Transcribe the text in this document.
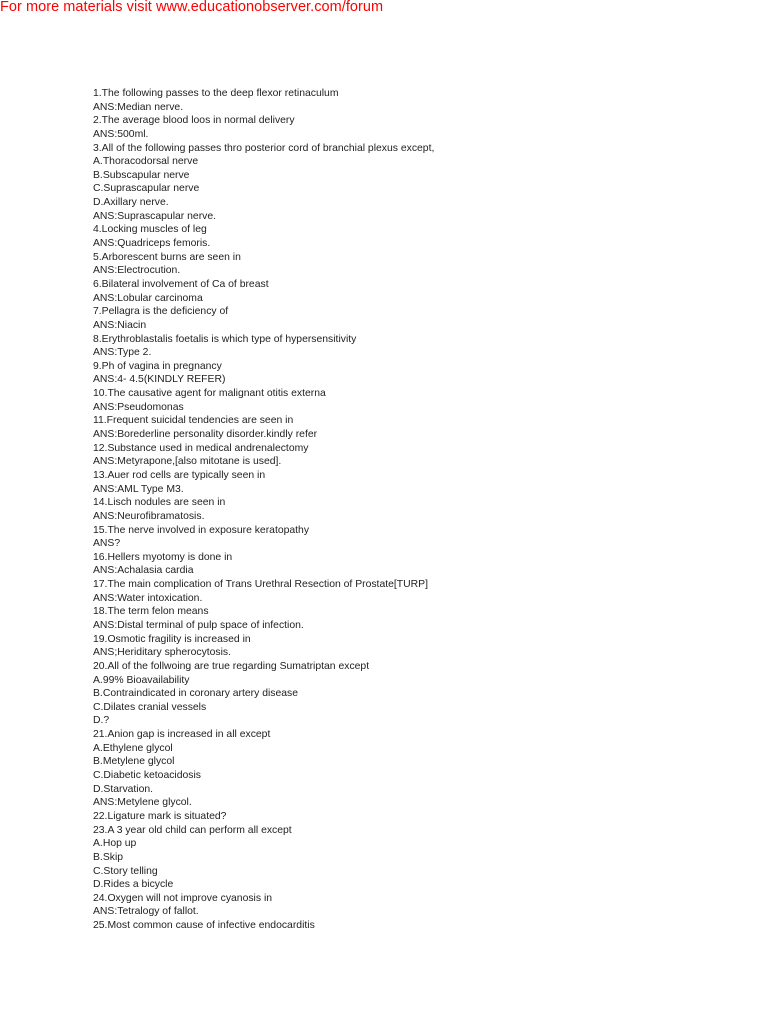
For more materials visit www.educationobserver.com/forum
1.The following passes to the deep flexor retinaculum
ANS:Median nerve.
2.The average blood loos in normal delivery
ANS:500ml.
3.All of the following passes thro posterior cord of branchial plexus except,
A.Thoracodorsal nerve
B.Subscapular nerve
C.Suprascapular nerve
D.Axillary nerve.
ANS:Suprascapular nerve.
4.Locking muscles of leg
ANS:Quadriceps femoris.
5.Arborescent burns are seen in
ANS:Electrocution.
6.Bilateral involvement of Ca of breast
ANS:Lobular carcinoma
7.Pellagra is the deficiency of
ANS:Niacin
8.Erythroblastalis foetalis is which type of hypersensitivity
ANS:Type 2.
9.Ph of vagina in pregnancy
ANS:4- 4.5(KINDLY REFER)
10.The causative agent for malignant otitis externa
ANS:Pseudomonas
11.Frequent suicidal tendencies are seen in
ANS:Borederline personality disorder.kindly refer
12.Substance used in medical andrenalectomy
ANS:Metyrapone,[also mitotane is used].
13.Auer rod cells are typically seen in
ANS:AML Type M3.
14.Lisch nodules are seen in
ANS:Neurofibramatosis.
15.The nerve involved in exposure keratopathy
ANS?
16.Hellers myotomy is done in
ANS:Achalasia cardia
17.The main complication of Trans Urethral Resection of Prostate[TURP]
ANS:Water intoxication.
18.The term felon means
ANS:Distal terminal of pulp space of infection.
19.Osmotic fragility is increased in
ANS;Heriditary spherocytosis.
20.All of the follwoing are true regarding Sumatriptan except
A.99% Bioavailability
B.Contraindicated in coronary artery disease
C.Dilates cranial vessels
D.?
21.Anion gap is increased in all except
A.Ethylene glycol
B.Metylene glycol
C.Diabetic ketoacidosis
D.Starvation.
ANS:Metylene glycol.
22.Ligature mark is situated?
23.A 3 year old child can perform all except
A.Hop up
B.Skip
C.Story telling
D.Rides a bicycle
24.Oxygen will not improve cyanosis in
ANS:Tetralogy of fallot.
25.Most common cause of infective endocarditis
